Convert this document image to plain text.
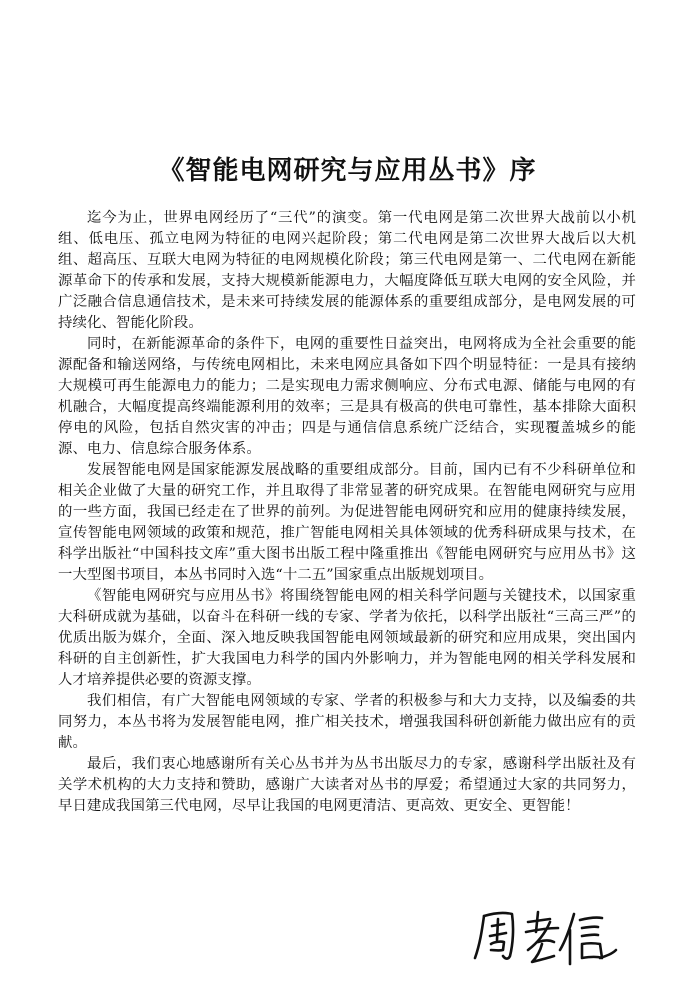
《智能电网研究与应用丛书》序

迄今为止，世界电网经历了“三代”的演变。第一代电网是第二次世界大战前以小机组、低电压、孤立电网为特征的电网兴起阶段；第二代电网是第二次世界大战后以大机组、超高压、互联大电网为特征的电网规模化阶段；第三代电网是第一、二代电网在新能源革命下的传承和发展，支持大规模新能源电力，大幅度降低互联大电网的安全风险，并广泛融合信息通信技术，是未来可持续发展的能源体系的重要组成部分，是电网发展的可持续化、智能化阶段。

同时，在新能源革命的条件下，电网的重要性日益突出，电网将成为全社会重要的能源配备和输送网络，与传统电网相比，未来电网应具备如下四个明显特征：一是具有接纳大规模可再生能源电力的能力；二是实现电力需求侧响应、分布式电源、储能与电网的有机融合，大幅度提高终端能源利用的效率；三是具有极高的供电可靠性，基本排除大面积停电的风险，包括自然灾害的冲击；四是与通信信息系统广泛结合，实现覆盖城乡的能源、电力、信息综合服务体系。

发展智能电网是国家能源发展战略的重要组成部分。目前，国内已有不少科研单位和相关企业做了大量的研究工作，并且取得了非常显著的研究成果。在智能电网研究与应用的一些方面，我国已经走在了世界的前列。为促进智能电网研究和应用的健康持续发展，宣传智能电网领域的政策和规范，推广智能电网相关具体领域的优秀科研成果与技术，在科学出版社“中国科技文库”重大图书出版工程中隆重推出《智能电网研究与应用丛书》这一大型图书项目，本丛书同时入选“十二五”国家重点出版规划项目。

《智能电网研究与应用丛书》将围绕智能电网的相关科学问题与关键技术，以国家重大科研成就为基础，以奋斗在科研一线的专家、学者为依托，以科学出版社“三高三严”的优质出版为媒介，全面、深入地反映我国智能电网领域最新的研究和应用成果，突出国内科研的自主创新性，扩大我国电力科学的国内外影响力，并为智能电网的相关学科发展和人才培养提供必要的资源支撑。

我们相信，有广大智能电网领域的专家、学者的积极参与和大力支持，以及编委的共同努力，本丛书将为发展智能电网，推广相关技术，增强我国科研创新能力做出应有的贡献。

最后，我们衷心地感谢所有关心丛书并为丛书出版尽力的专家，感谢科学出版社及有关学术机构的大力支持和赞助，感谢广大读者对丛书的厚爱；希望通过大家的共同努力，早日建成我国第三代电网，尽早让我国的电网更清洁、更高效、更安全、更智能！
